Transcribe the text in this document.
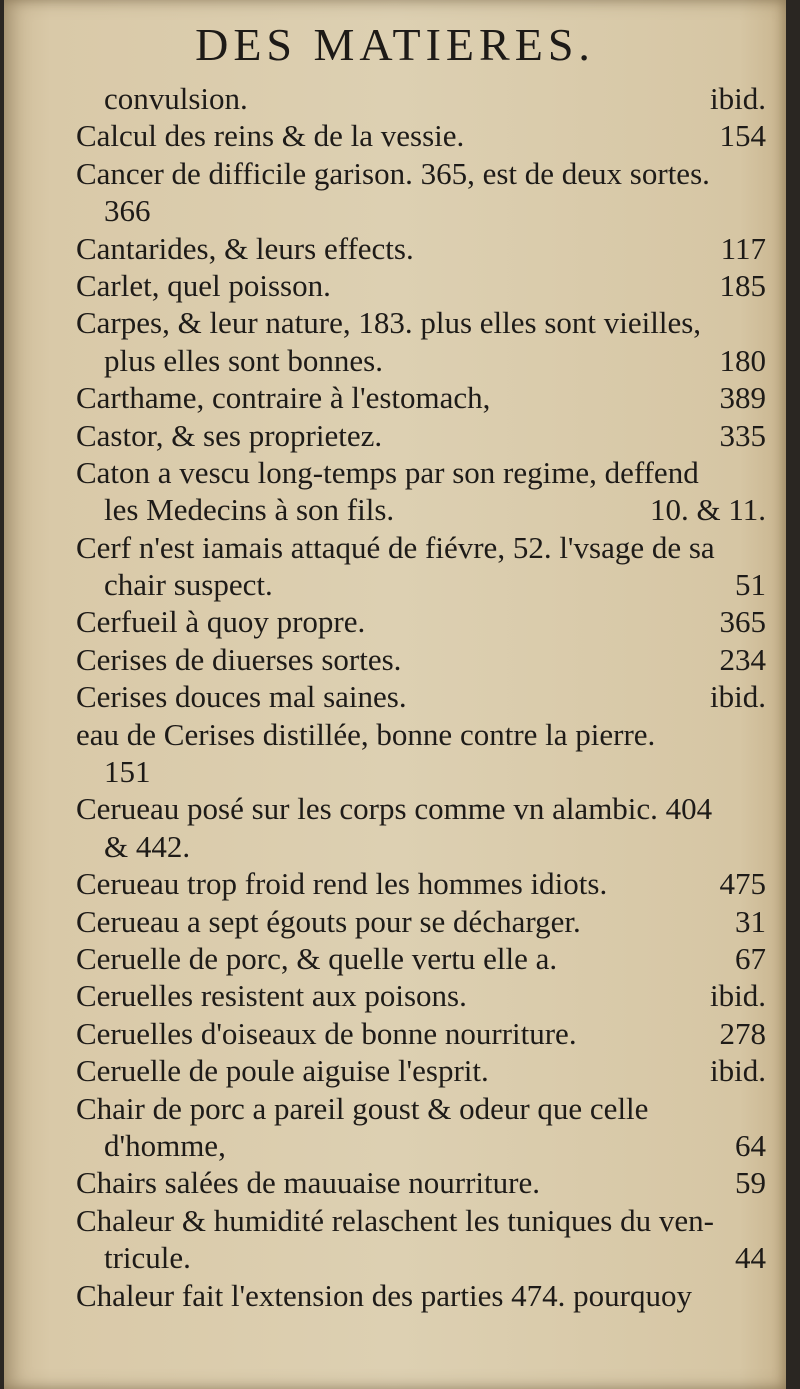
DES MATIERES.
convulsion.	ibid.
Calcul des reins & de la vessie.	154
Cancer de difficile garison. 365, est de deux sortes.
366
Cantarides, & leurs effects.	117
Carlet, quel poisson.	185
Carpes, & leur nature, 183. plus elles sont vieilles,
plus elles sont bonnes.	180
Carthame, contraire à l'estomach,	389
Castor, & ses proprietez.	335
Caton a vescu long-temps par son regime, deffend
les Medecins à son fils.	10. & 11.
Cerf n'est iamais attaqué de fiévre, 52. l'vsage de sa
chair suspect.	51
Cerfueil à quoy propre.	365
Cerises de diuerses sortes.	234
Cerises douces mal saines.	ibid.
eau de Cerises distillée, bonne contre la pierre.
151
Cerueau posé sur les corps comme vn alambic. 404
& 442.
Cerueau trop froid rend les hommes idiots.	475
Cerueau a sept égouts pour se décharger.	31
Ceruelle de porc, & quelle vertu elle a.	67
Ceruelles resistent aux poisons.	ibid.
Ceruelles d'oiseaux de bonne nourriture.	278
Ceruelle de poule aiguise l'esprit.	ibid.
Chair de porc a pareil goust & odeur que celle
d'homme,	64
Chairs salées de mauuaise nourriture.	59
Chaleur & humidité relaschent les tuniques du ven-
tricule.	44
Chaleur fait l'extension des parties 474. pourquoy
